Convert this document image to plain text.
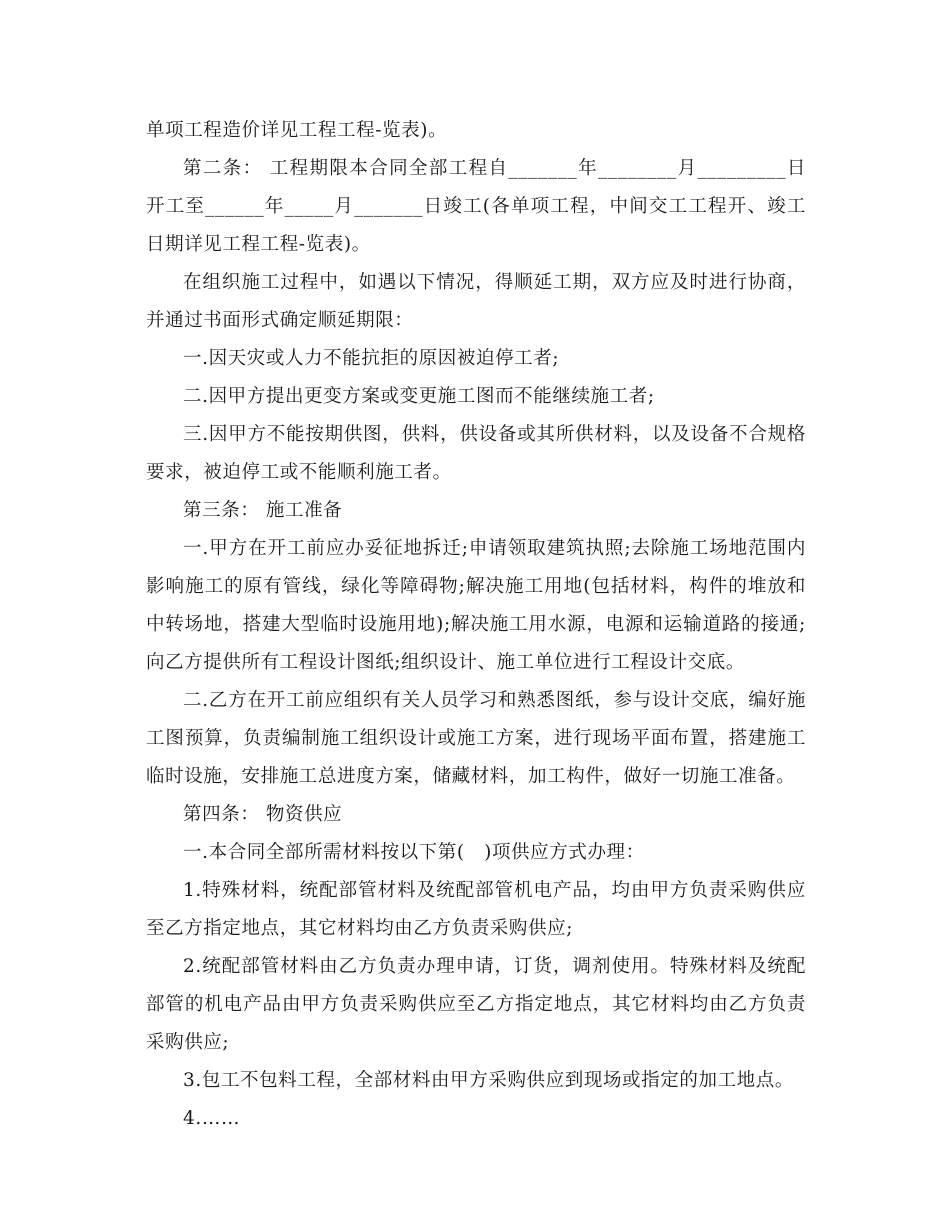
单项工程造价详见工程工程-览表)。

第二条： 工程期限本合同全部工程自_______年________月_________日开工至______年_____月_______日竣工(各单项工程，中间交工工程开、竣工日期详见工程工程-览表)。

在组织施工过程中，如遇以下情况，得顺延工期，双方应及时进行协商，并通过书面形式确定顺延期限：

一.因天灾或人力不能抗拒的原因被迫停工者;

二.因甲方提出更变方案或变更施工图而不能继续施工者;

三.因甲方不能按期供图，供料，供设备或其所供材料，以及设备不合规格要求，被迫停工或不能顺利施工者。

第三条： 施工准备

一.甲方在开工前应办妥征地拆迁;申请领取建筑执照;去除施工场地范围内影响施工的原有管线，绿化等障碍物;解决施工用地(包括材料，构件的堆放和中转场地，搭建大型临时设施用地);解决施工用水源，电源和运输道路的接通;向乙方提供所有工程设计图纸;组织设计、施工单位进行工程设计交底。

二.乙方在开工前应组织有关人员学习和熟悉图纸，参与设计交底，编好施工图预算，负责编制施工组织设计或施工方案，进行现场平面布置，搭建施工临时设施，安排施工总进度方案，储藏材料，加工构件，做好一切施工准备。

第四条： 物资供应

一.本合同全部所需材料按以下第(   )项供应方式办理：

1.特殊材料，统配部管材料及统配部管机电产品，均由甲方负责采购供应至乙方指定地点，其它材料均由乙方负责采购供应;

2.统配部管材料由乙方负责办理申请，订货，调剂使用。特殊材料及统配部管的机电产品由甲方负责采购供应至乙方指定地点，其它材料均由乙方负责采购供应;

3.包工不包料工程，全部材料由甲方采购供应到现场或指定的加工地点。

4.……
